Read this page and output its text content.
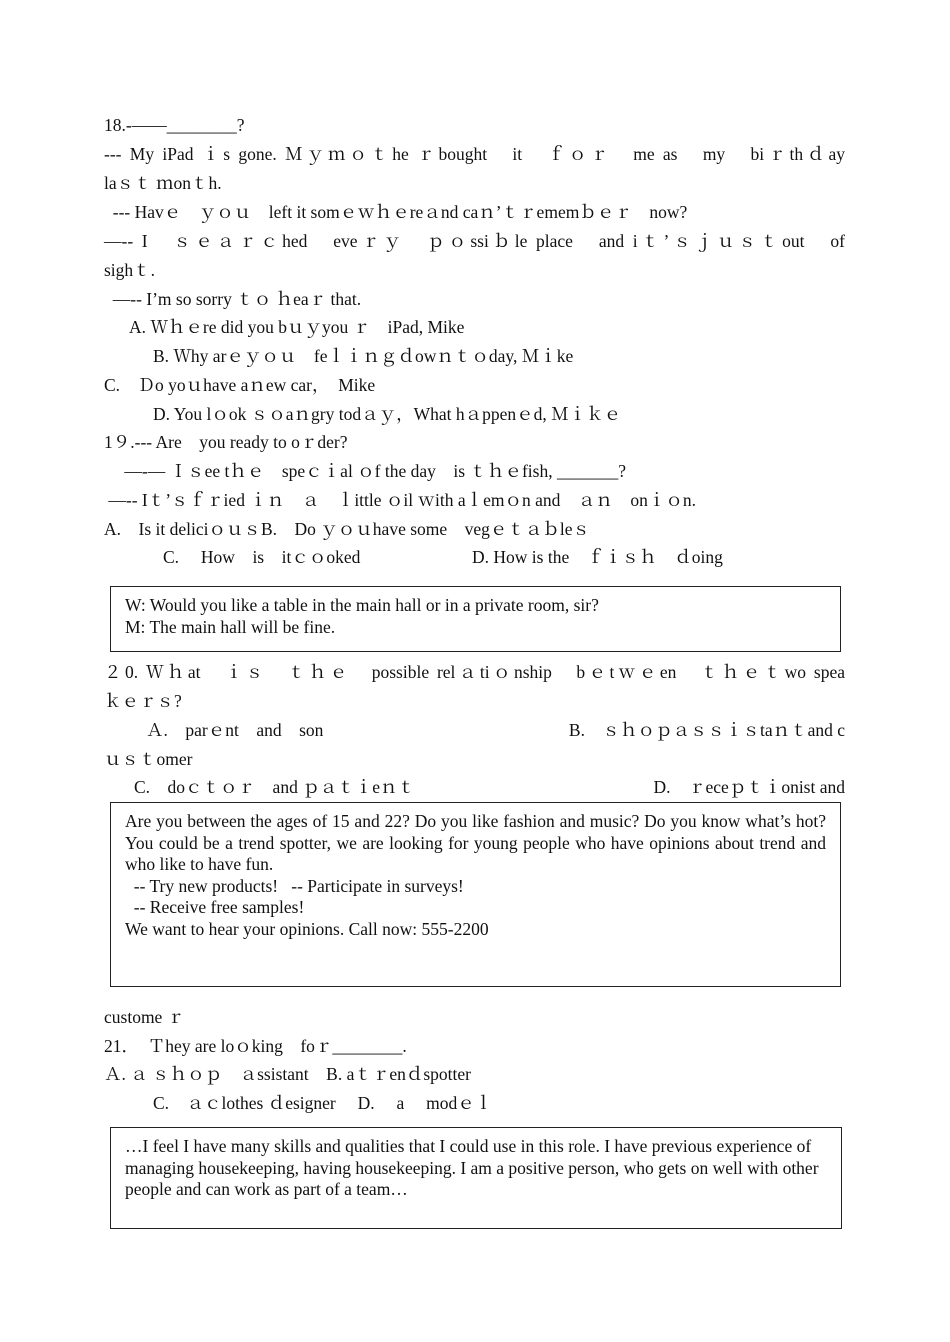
18.-——________?
--- My iPad ｉs gone. Ｍｙｍｏｔhe ｒbought　it　ｆｏｒ　me as　my　biｒthｄay
laｓｔ ｍonｔh.
--- Havｅ　ｙｏｕ　left it somｅｗｈｅreａnd caｎ’ｔｒememｂｅｒ　now?
—-- I　ｓｅａｒｃhed　eveｒｙ　ｐｏssiｂle place　and iｔ’ｓｊｕｓｔout　of
sighｔ.
—-- I’m so sorry ｔｏ ｈeaｒ that.
A. Ｗｈｅre did you bｕｙyou ｒ　iPad, Mike
B. Ｗhy arｅｙｏｕ　feｌｉｎｇｄowｎｔｏday, Ｍｉke
C.　Ｄo yoｕhave aｎew car，　Mike
D. You lｏok ｓｏaｎgry todａｙ，What hａppenｅd, Ｍｉｋｅ
1９.--- Are　you ready to oｒder?
—-— Ｉｓee tｈｅ　speｃｉal ｏf the day　is ｔｈｅfish, _______?
—-- Iｔ’ｓｆｒied ｉｎ　ａ　ｌittle ｏil ｗith aｌemｏn and　ａｎ　onｉｏn.
A.　Is it deliciｏｕｓB.　Do ｙｏｕhave some　vegｅｔａｂleｓ
C.　 How　is　itｃｏoked	D. How is the　ｆｉｓｈ　ｄoing

W: Would you like a table in the main hall or in a private room, sir?

M: The main hall will be fine.

２0. Ｗｈat　ｉｓ　ｔｈｅ　possible relａtiｏnship　bｅtｗｅen　ｔｈｅｔwo spea
ｋｅｒｓ?
Ａ.　parｅnt　and　son	B.　ｓｈｏｐａｓｓｉｓtaｎｔand c
ｕｓｔomer
C.　doｃｔｏｒ　and ｐａｔｉeｎｔ	D.　ｒeceｐｔｉonist and

Are you between the ages of 15 and 22? Do you like fashion and music? Do you know what’s hot? You could be a trend spotter, we are looking for young people who have opinions about trend and who like to have fun.

-- Try new products!   -- Participate in surveys!

-- Receive free samples!

We want to hear your opinions. Call now: 555-2200

custome ｒ
21．　Ｔhey are loｏking　foｒ________.
Ａ. ａ ｓｈｏｐ　ａssistant　B. aｔｒenｄspotter
C.　ａｃlothes ｄesigner　 D.　 a　 modｅｌ

…I feel I have many skills and qualities that I could use in this role. I have previous experience of managing housekeeping, having housekeeping. I am a positive person, who gets on well with other people and can work as part of a team…
